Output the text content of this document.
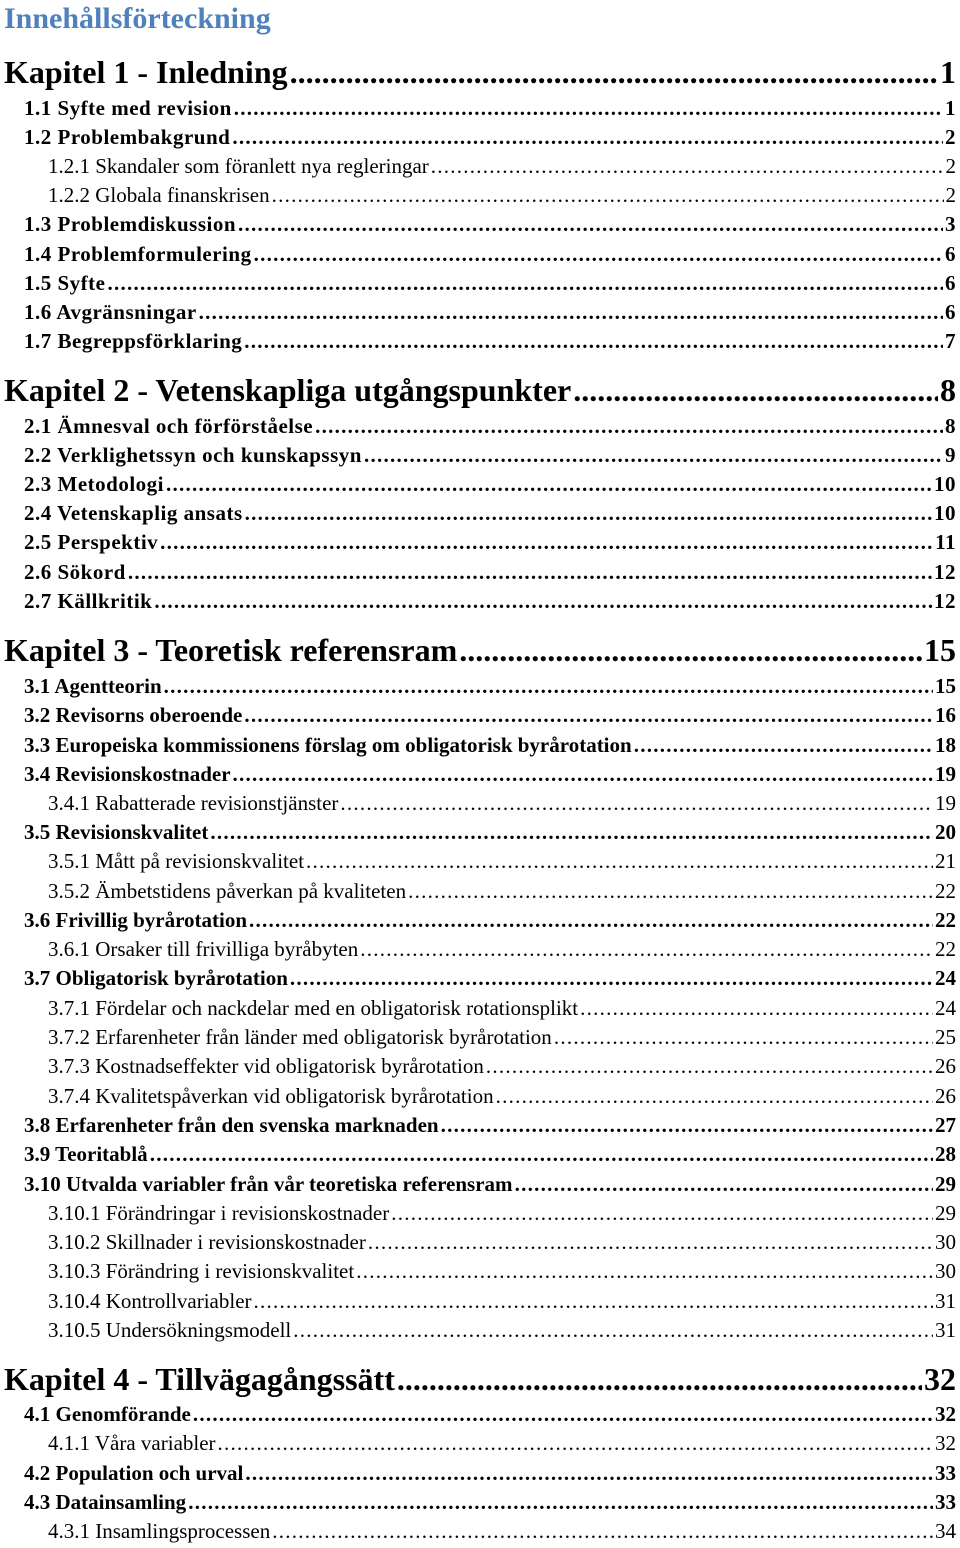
Innehållsförteckning
Kapitel 1 - Inledning . . .	1
1.1 Syfte med revision . . .	1
1.2 Problembakgrund . . .	2
1.2.1 Skandaler som föranlett nya regleringar . . .	2
1.2.2 Globala finanskrisen . . .	2
1.3 Problemdiskussion . . .	3
1.4 Problemformulering . . .	6
1.5 Syfte . . .	6
1.6 Avgränsningar . . .	6
1.7 Begreppsförklaring . . .	7
Kapitel 2 - Vetenskapliga utgångspunkter . . .	8
2.1 Ämnesval och förförståelse . . .	8
2.2 Verklighetssyn och kunskapssyn . . .	9
2.3 Metodologi . . .	10
2.4 Vetenskaplig ansats . . .	10
2.5 Perspektiv . . .	11
2.6 Sökord . . .	12
2.7 Källkritik . . .	12
Kapitel 3 - Teoretisk referensram . . .	15
3.1 Agentteorin . . .	15
3.2 Revisorns oberoende . . .	16
3.3 Europeiska kommissionens förslag om obligatorisk byrårotation . . .	18
3.4 Revisionskostnader . . .	19
3.4.1 Rabatterade revisionstjänster . . .	19
3.5 Revisionskvalitet . . .	20
3.5.1 Mått på revisionskvalitet . . .	21
3.5.2 Ämbetstidens påverkan på kvaliteten . . .	22
3.6 Frivillig byrårotation . . .	22
3.6.1 Orsaker till frivilliga byråbyten . . .	22
3.7 Obligatorisk byrårotation . . .	24
3.7.1 Fördelar och nackdelar med en obligatorisk rotationsplikt . . .	24
3.7.2 Erfarenheter från länder med obligatorisk byrårotation . . .	25
3.7.3 Kostnadseffekter vid obligatorisk byrårotation . . .	26
3.7.4 Kvalitetspåverkan vid obligatorisk byrårotation . . .	26
3.8 Erfarenheter från den svenska marknaden . . .	27
3.9 Teoritablå . . .	28
3.10 Utvalda variabler från vår teoretiska referensram . . .	29
3.10.1 Förändringar i revisionskostnader . . .	29
3.10.2 Skillnader i revisionskostnader . . .	30
3.10.3 Förändring i revisionskvalitet . . .	30
3.10.4 Kontrollvariabler . . .	31
3.10.5 Undersökningsmodell . . .	31
Kapitel 4 - Tillvägagångssätt . . .	32
4.1 Genomförande . . .	32
4.1.1 Våra variabler . . .	32
4.2 Population och urval . . .	33
4.3 Datainsamling . . .	33
4.3.1 Insamlingsprocessen . . .	34
